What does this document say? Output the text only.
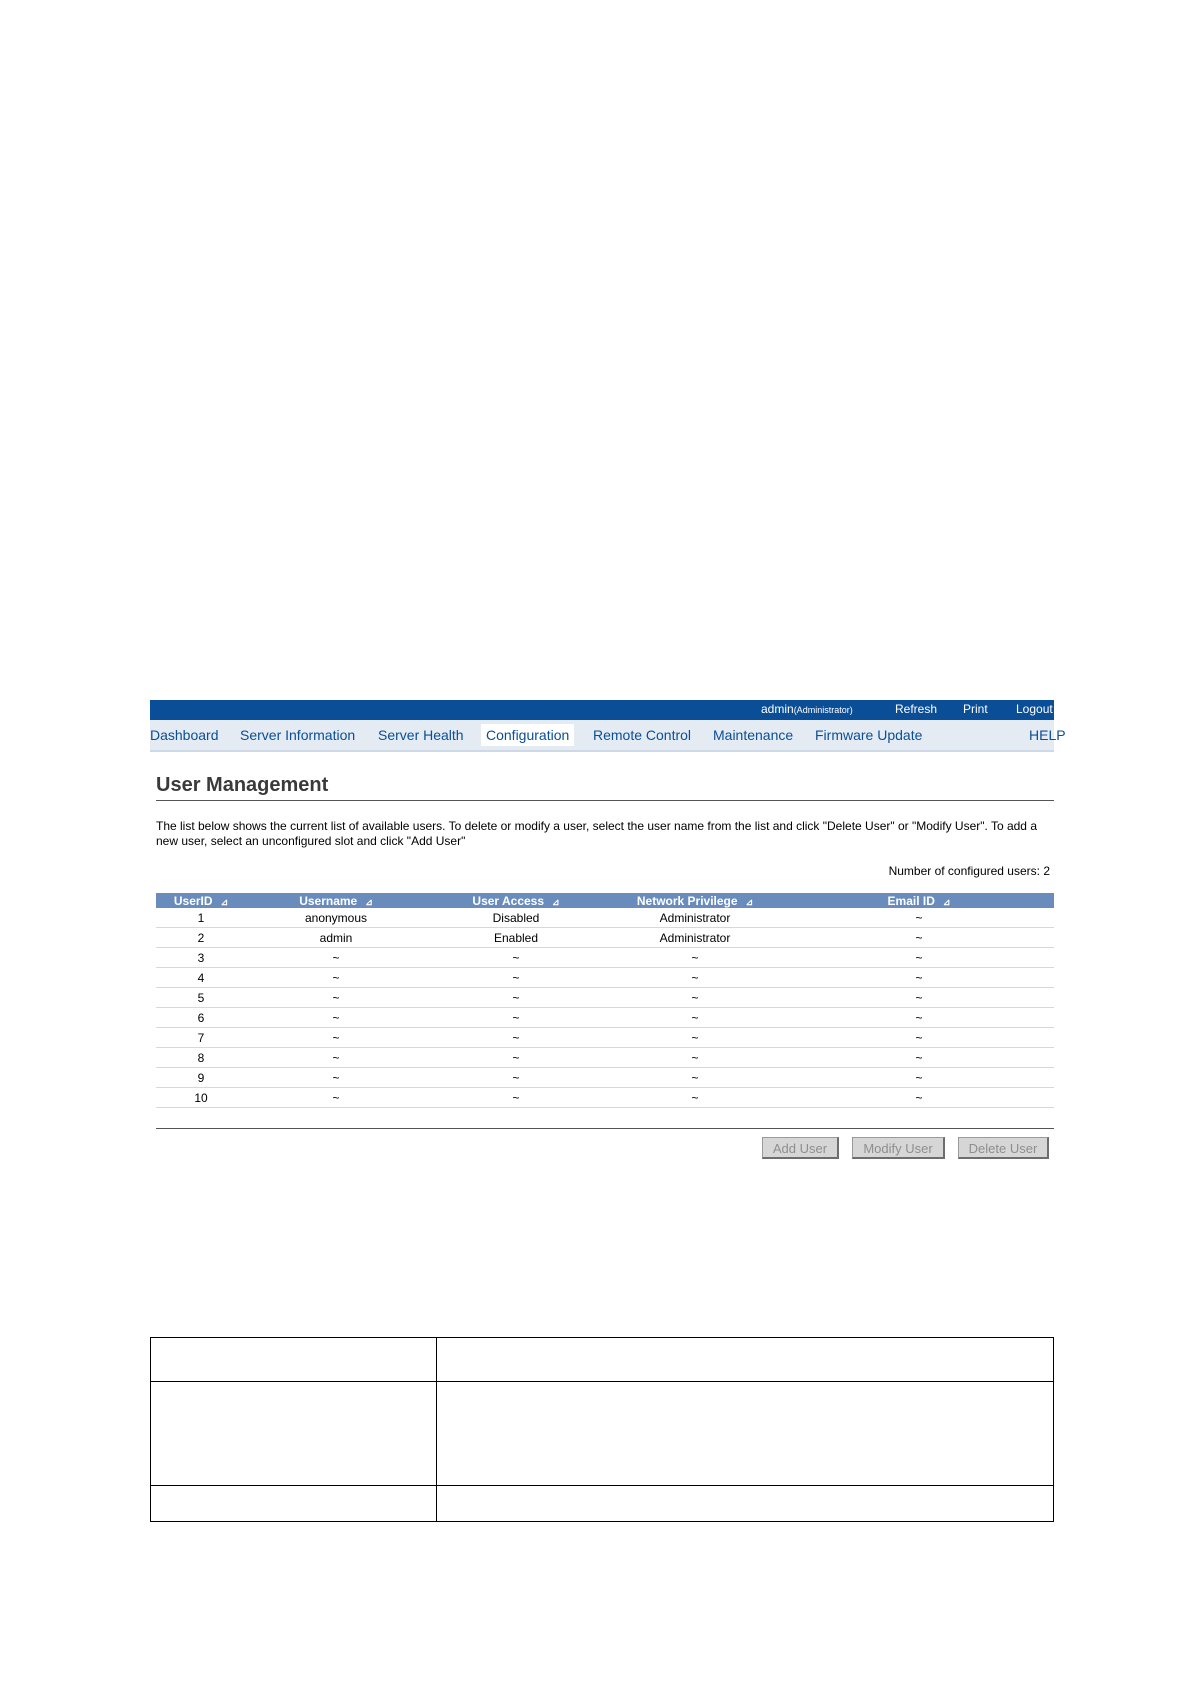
admin(Administrator)	Refresh Print Logout
Dashboard Server Information Server Health	Configuration	Remote Control Maintenance Firmware Update	HELP
User Management
The list below shows the current list of available users. To delete or modify a user, select the user name from the list and click "Delete User" or "Modify User". To add a new user, select an unconfigured slot and click "Add User"
Number of configured users: 2
UserID ⊿	Username ⊿	User Access ⊿	Network Privilege ⊿	Email ID ⊿
1	anonymous	Disabled	Administrator	~
2	admin	Enabled	Administrator	~
3	~	~	~	~
4	~	~	~	~
5	~	~	~	~
6	~	~	~	~
7	~	~	~	~
8	~	~	~	~
9	~	~	~	~
10	~	~	~	~
Add User	Modify User	Delete User
